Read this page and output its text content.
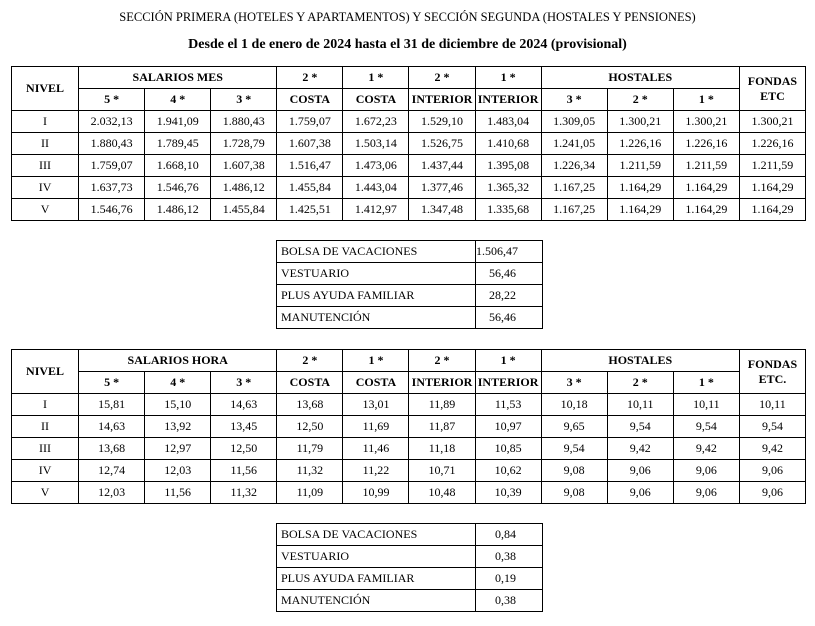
SECCIÓN PRIMERA (HOTELES Y APARTAMENTOS) Y SECCIÓN SEGUNDA (HOSTALES Y PENSIONES)
Desde el 1 de enero de 2024 hasta el 31 de diciembre de 2024 (provisional)
NIVEL	SALARIOS MES			2 *	1 *	2 *	1 *	HOSTALES			FONDAS ETC
	5 *	4 *	3 *	COSTA	COSTA	INTERIOR	INTERIOR	3 *	2 *	1 *	
I	2.032,13	1.941,09	1.880,43	1.759,07	1.672,23	1.529,10	1.483,04	1.309,05	1.300,21	1.300,21	1.300,21
II	1.880,43	1.789,45	1.728,79	1.607,38	1.503,14	1.526,75	1.410,68	1.241,05	1.226,16	1.226,16	1.226,16
III	1.759,07	1.668,10	1.607,38	1.516,47	1.473,06	1.437,44	1.395,08	1.226,34	1.211,59	1.211,59	1.211,59
IV	1.637,73	1.546,76	1.486,12	1.455,84	1.443,04	1.377,46	1.365,32	1.167,25	1.164,29	1.164,29	1.164,29
V	1.546,76	1.486,12	1.455,84	1.425,51	1.412,97	1.347,48	1.335,68	1.167,25	1.164,29	1.164,29	1.164,29
BOLSA DE VACACIONES	1.506,47
VESTUARIO	56,46
PLUS AYUDA FAMILIAR	28,22
MANUTENCIÓN	56,46
NIVEL	SALARIOS HORA			2 *	1 *	2 *	1 *	HOSTALES			FONDAS ETC.
	5 *	4 *	3 *	COSTA	COSTA	INTERIOR	INTERIOR	3 *	2 *	1 *	
I	15,81	15,10	14,63	13,68	13,01	11,89	11,53	10,18	10,11	10,11	10,11
II	14,63	13,92	13,45	12,50	11,69	11,87	10,97	9,65	9,54	9,54	9,54
III	13,68	12,97	12,50	11,79	11,46	11,18	10,85	9,54	9,42	9,42	9,42
IV	12,74	12,03	11,56	11,32	11,22	10,71	10,62	9,08	9,06	9,06	9,06
V	12,03	11,56	11,32	11,09	10,99	10,48	10,39	9,08	9,06	9,06	9,06
BOLSA DE VACACIONES	0,84
VESTUARIO	0,38
PLUS AYUDA FAMILIAR	0,19
MANUTENCIÓN	0,38
